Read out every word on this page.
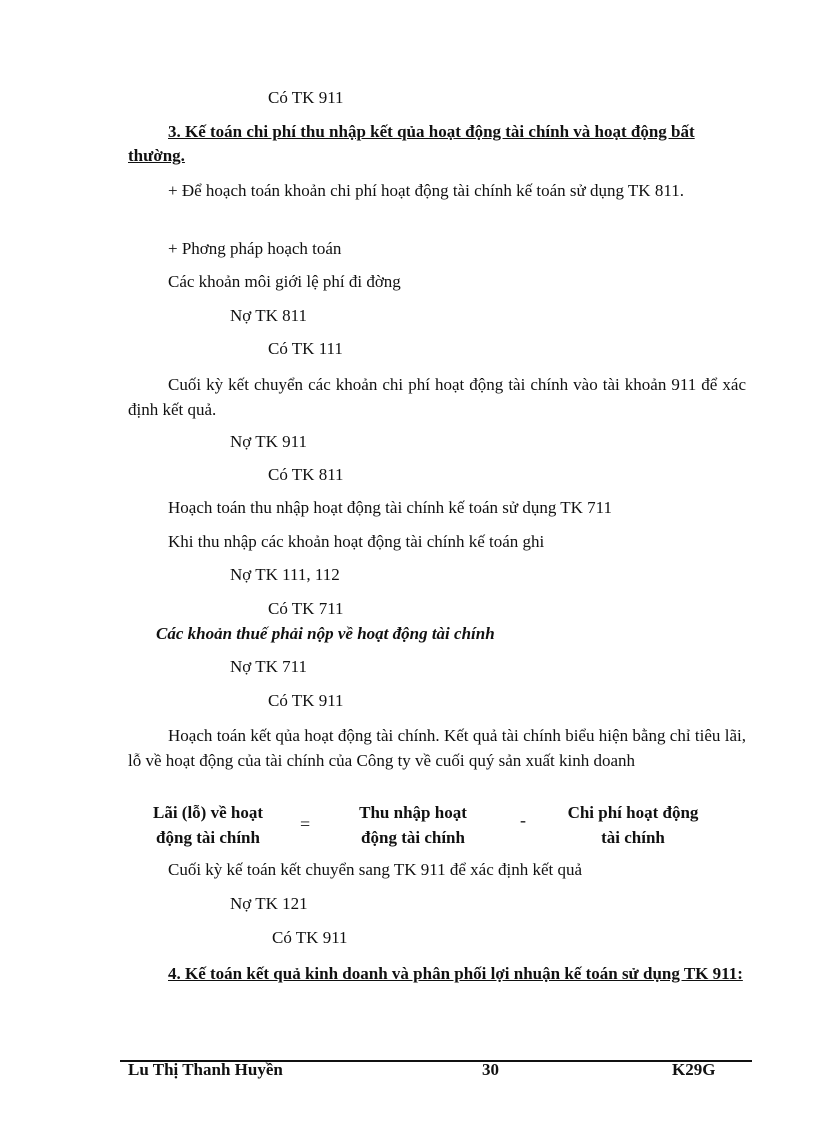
Có TK 911
3. Kế toán chi phí thu nhập kết qủa hoạt động tài chính và hoạt động bất thường.
+ Để hoạch toán khoản chi phí hoạt động tài chính kế toán sử dụng TK 811.
+ Phơng pháp hoạch toán
Các khoản môi giới lệ phí đi đờng
Nợ TK 811
Có TK 111
Cuối kỳ kết chuyển các khoản chi phí hoạt động tài chính vào tài khoản 911 để xác định kết quả.
Nợ TK 911
Có TK 811
Hoạch toán thu nhập hoạt động tài chính kế toán sử dụng TK 711
Khi thu nhập các khoản hoạt động tài chính kế toán ghi
Nợ TK 111, 112
Có TK 711
Các khoản thuế phải nộp về hoạt động tài chính
Nợ TK 711
Có TK 911
Hoạch toán kết qủa hoạt động tài chính. Kết quả tài chính biểu hiện bằng chỉ tiêu lãi, lỗ về hoạt động của tài chính của Công ty về cuối quý sản xuất kinh doanh
Lãi (lỗ) về hoạt
động tài chính
=
Thu nhập hoạt
động tài chính
-	Chi phí hoạt động
tài chính
Cuối kỳ kế toán kết chuyển sang TK 911 để xác định kết quả
Nợ TK 121
Có TK 911
4. Kế toán kết quả kinh doanh và phân phối lợi nhuận kế toán sử dụng TK 911:
Lu Thị Thanh Huyền	30	K29G
